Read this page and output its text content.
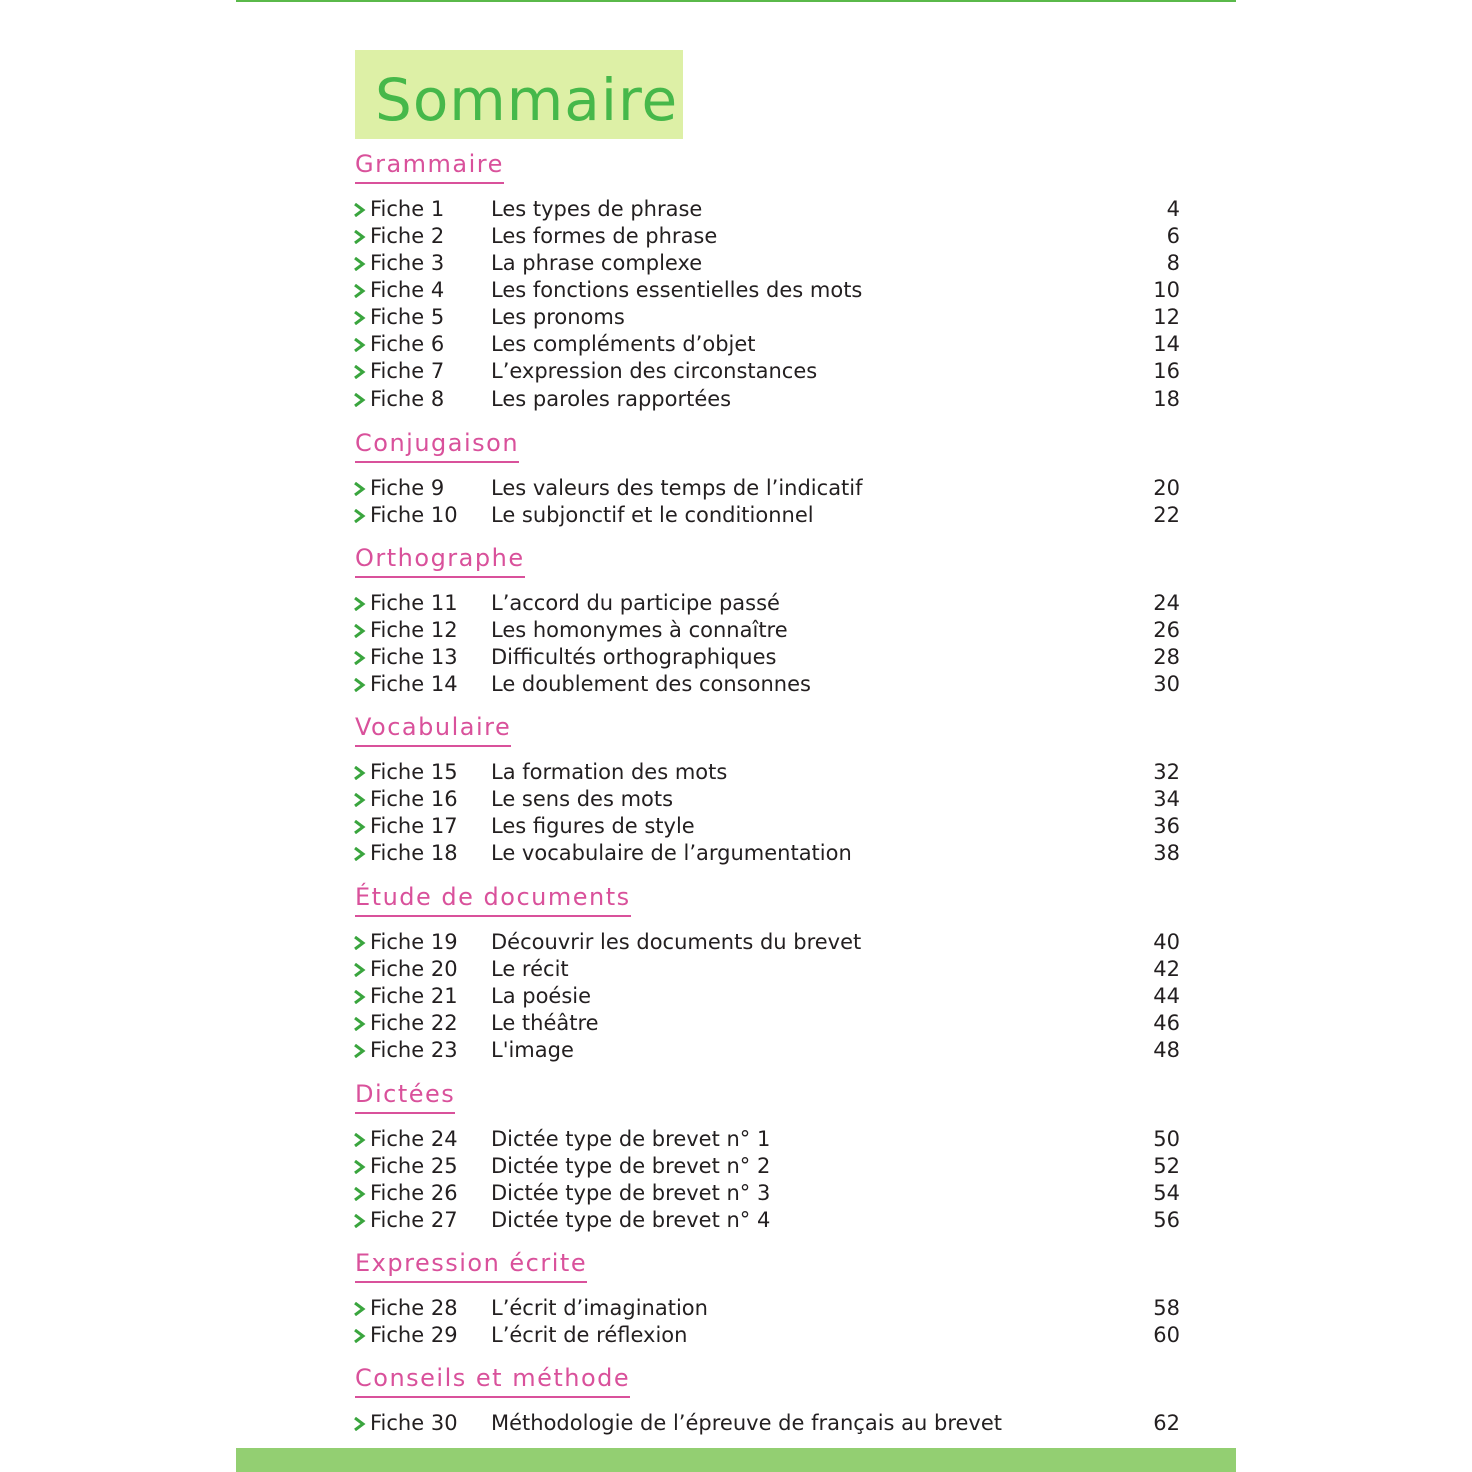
Sommaire
Grammaire
Fiche 1 Les types de phrase	4
Fiche 2 Les formes de phrase	6
Fiche 3 La phrase complexe	8
Fiche 4 Les fonctions essentielles des mots	10
Fiche 5 Les pronoms	12
Fiche 6 Les compléments d’objet	14
Fiche 7 L’expression des circonstances	16
Fiche 8 Les paroles rapportées	18
Conjugaison
Fiche 9 Les valeurs des temps de l’indicatif	20
Fiche 10 Le subjonctif et le conditionnel	22
Orthographe
Fiche 11 L’accord du participe passé	24
Fiche 12 Les homonymes à connaître	26
Fiche 13 Difficultés orthographiques	28
Fiche 14 Le doublement des consonnes	30
Vocabulaire
Fiche 15 La formation des mots	32
Fiche 16 Le sens des mots	34
Fiche 17 Les figures de style	36
Fiche 18 Le vocabulaire de l’argumentation	38
Étude de documents
Fiche 19 Découvrir les documents du brevet	40
Fiche 20 Le récit	42
Fiche 21 La poésie	44
Fiche 22 Le théâtre	46
Fiche 23 L'image	48
Dictées
Fiche 24 Dictée type de brevet n° 1	50
Fiche 25 Dictée type de brevet n° 2	52
Fiche 26 Dictée type de brevet n° 3	54
Fiche 27 Dictée type de brevet n° 4	56
Expression écrite
Fiche 28 L’écrit d’imagination	58
Fiche 29 L’écrit de réflexion	60
Conseils et méthode
Fiche 30 Méthodologie de l’épreuve de français au brevet	62
